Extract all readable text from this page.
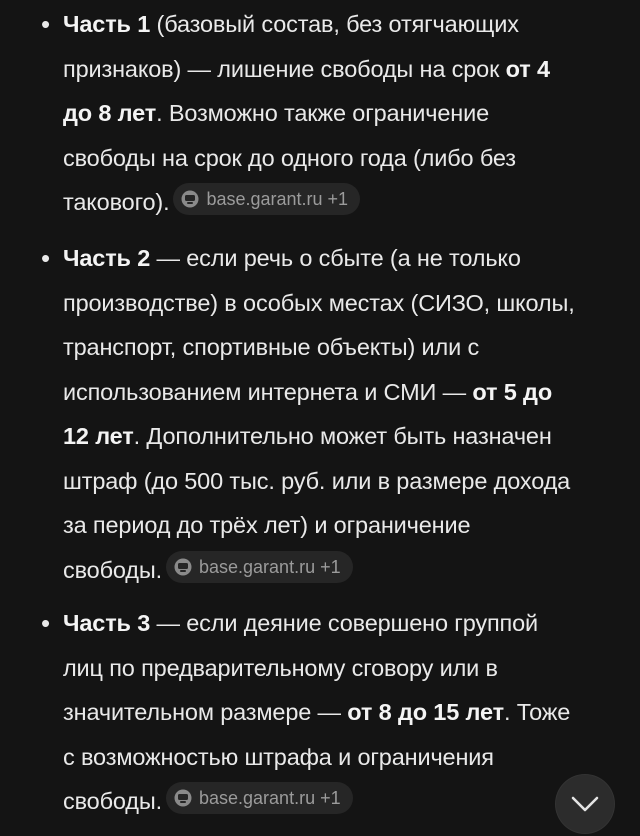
• Часть 1 (базовый состав, без отягчающих
признаков) — лишение свободы на срок от 4
до 8 лет. Возможно также ограничение
свободы на срок до одного года (либо без
такового). base.garant.ru +1
• Часть 2 — если речь о сбыте (а не только
производстве) в особых местах (СИЗО, школы,
транспорт, спортивные объекты) или с
использованием интернета и СМИ — от 5 до
12 лет. Дополнительно может быть назначен
штраф (до 500 тыс. руб. или в размере дохода
за период до трёх лет) и ограничение
свободы. base.garant.ru +1
• Часть 3 — если деяние совершено группой
лиц по предварительному сговору или в
значительном размере — от 8 до 15 лет. Тоже
с возможностью штрафа и ограничения
свободы. base.garant.ru +1
